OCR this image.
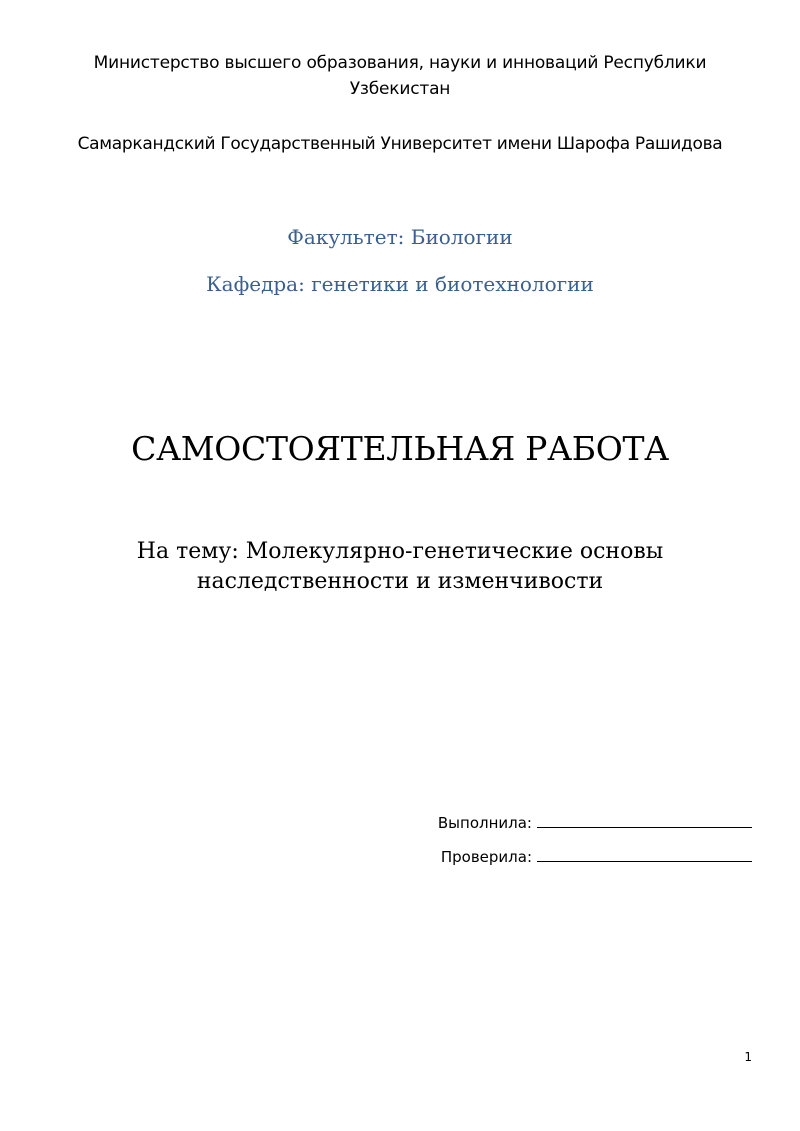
Министерство высшего образования, науки и инноваций Республики
Узбекистан
Самаркандский Государственный Университет имени Шарофа Рашидова
Факультет: Биологии
Кафедра: генетики и биотехнологии
САМОСТОЯТЕЛЬНАЯ РАБОТА
На тему: Молекулярно-генетические основы
наследственности и изменчивости
Выполнила:
Проверила:
1
